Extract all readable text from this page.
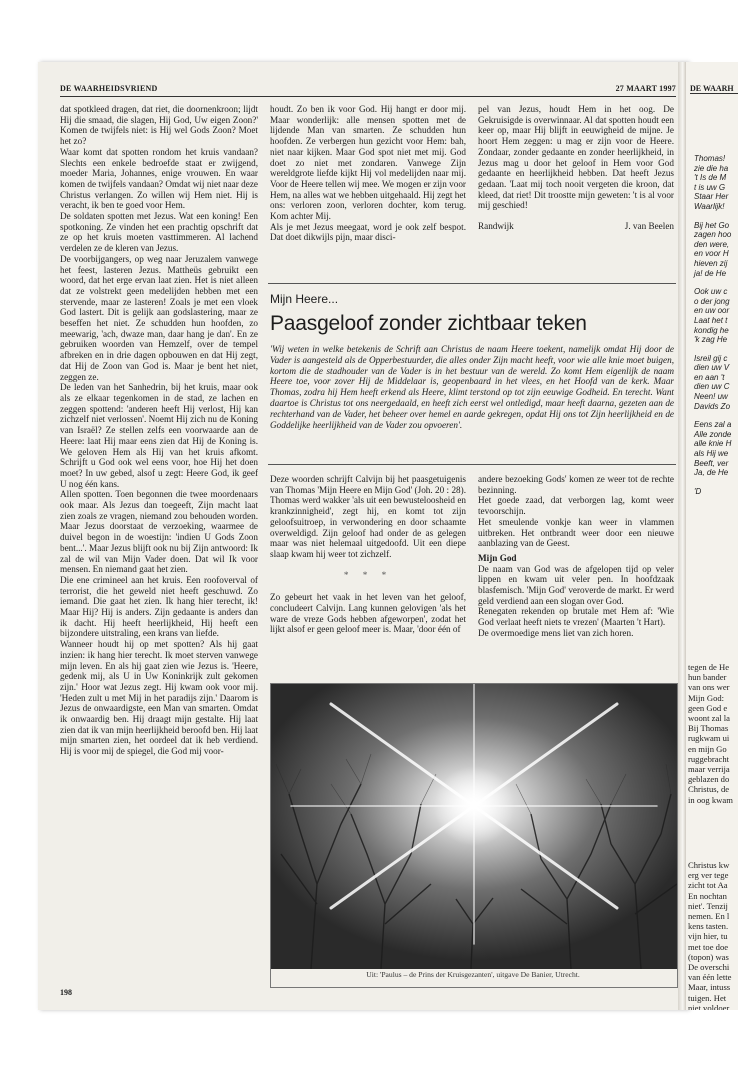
DE WAARH
Thomas!
zie die ha
't Is de M
t is uw G
Staar Her
Waarlijk!
Bij het Go
zagen hoo
den were,
en voor H
hieven zij
ja! de He
Ook uw c
o der jong
en uw oor
Laat het t
kondig he
'k zag He
Isreil gij c
dien uw V
en aan 't
dien uw C
Neen! uw
Davids Zo
Eens zal a
Alle zonde
alle knie H
als Hij we
Beeft, ver
Ja, de He
'D
tegen de He
hun bander
van ons wer
Mijn God:
geen God e
woont zal la
Bij Thomas
rugkwam ui
en mijn Go
ruggebracht
maar verrija
geblazen do
Christus, de
in oog kwam
Christus kw
erg ver tege
zicht tot Aa
En nochtan
niet'. Tenzij
nemen. En l
kens tasten.
vijn hier, tu
met toe doe
(topon) was
De overschi
van één lette
Maar, intuss
tuigen. Het
niet voldoer
DE WAARHEIDSVRIEND	27 MAART 1997

dat spotkleed dragen, dat riet, die doornenkroon; lijdt Hij die smaad, die slagen, Hij God, Uw eigen Zoon?' Komen de twijfels niet: is Hij wel Gods Zoon? Moet het zo?

Waar komt dat spotten rondom het kruis vandaan? Slechts een enkele bedroefde staat er zwijgend, moeder Maria, Johannes, enige vrouwen. En waar komen de twijfels vandaan? Omdat wij niet naar deze Christus verlangen. Zo willen wij Hem niet. Hij is veracht, ik ben te goed voor Hem.

De soldaten spotten met Jezus. Wat een koning! Een spotkoning. Ze vinden het een prachtig opschrift dat ze op het kruis moeten vasttimmeren. Al lachend verdelen ze de kleren van Jezus.

De voorbijgangers, op weg naar Jeruzalem vanwege het feest, lasteren Jezus. Mattheüs gebruikt een woord, dat het erge ervan laat zien. Het is niet alleen dat ze volstrekt geen medelijden hebben met een stervende, maar ze lasteren! Zoals je met een vloek God lastert. Dit is gelijk aan godslastering, maar ze beseffen het niet. Ze schudden hun hoofden, zo meewarig, 'ach, dwaze man, daar hang je dan'. En ze gebruiken woorden van Hemzelf, over de tempel afbreken en in drie dagen opbouwen en dat Hij zegt, dat Hij de Zoon van God is. Maar je bent het niet, zeggen ze.

De leden van het Sanhedrin, bij het kruis, maar ook als ze elkaar tegenkomen in de stad, ze lachen en zeggen spottend: 'anderen heeft Hij verlost, Hij kan zichzelf niet verlossen'. Noemt Hij zich nu de Koning van Israël? Ze stellen zelfs een voorwaarde aan de Heere: laat Hij maar eens zien dat Hij de Koning is. We geloven Hem als Hij van het kruis afkomt. Schrijft u God ook wel eens voor, hoe Hij het doen moet? In uw gebed, alsof u zegt: Heere God, ik geef U nog één kans.

Allen spotten. Toen begonnen die twee moordenaars ook maar. Als Jezus dan toegeeft, Zijn macht laat zien zoals ze vragen, niemand zou behouden worden. Maar Jezus doorstaat de verzoeking, waarmee de duivel begon in de woestijn: 'indien U Gods Zoon bent...'. Maar Jezus blijft ook nu bij Zijn antwoord: Ik zal de wil van Mijn Vader doen. Dat wil Ik voor mensen. En niemand gaat het zien.

Die ene crimineel aan het kruis. Een roofoverval of terrorist, die het geweld niet heeft geschuwd. Zo iemand. Die gaat het zien. Ik hang hier terecht, ik! Maar Hij? Hij is anders. Zijn gedaante is anders dan ik dacht. Hij heeft heerlijkheid, Hij heeft een bijzondere uitstraling, een krans van liefde.

Wanneer houdt hij op met spotten? Als hij gaat inzien: ik hang hier terecht. Ik moet sterven vanwege mijn leven. En als hij gaat zien wie Jezus is. 'Heere, gedenk mij, als U in Uw Koninkrijk zult gekomen zijn.' Hoor wat Jezus zegt. Hij kwam ook voor mij. 'Heden zult u met Mij in het paradijs zijn.' Daarom is Jezus de onwaardigste, een Man van smarten. Omdat ik onwaardig ben. Hij draagt mijn gestalte. Hij laat zien dat ik van mijn heerlijkheid beroofd ben. Hij laat mijn smarten zien, het oordeel dat ik heb verdiend. Hij is voor mij de spiegel, die God mij voor-

houdt. Zo ben ik voor God. Hij hangt er door mij. Maar wonderlijk: alle mensen spotten met de lijdende Man van smarten. Ze schudden hun hoofden. Ze verbergen hun gezicht voor Hem: bah, niet naar kijken. Maar God spot niet met mij. God doet zo niet met zondaren. Vanwege Zijn wereldgrote liefde kijkt Hij vol medelijden naar mij. Voor de Heere tellen wij mee. We mogen er zijn voor Hem, na alles wat we hebben uitgehaald. Hij zegt het ons: verloren zoon, verloren dochter, kom terug. Kom achter Mij.

Als je met Jezus meegaat, word je ook zelf bespot. Dat doet dikwijls pijn, maar disci-

pel van Jezus, houdt Hem in het oog. De Gekruisigde is overwinnaar. Al dat spotten houdt een keer op, maar Hij blijft in eeuwigheid de mijne. Je hoort Hem zeggen: u mag er zijn voor de Heere. Zondaar, zonder gedaante en zonder heerlijkheid, in Jezus mag u door het geloof in Hem voor God gedaante en heerlijkheid hebben. Dat heeft Jezus gedaan. 'Laat mij toch nooit vergeten die kroon, dat kleed, dat riet! Dit troostte mijn geweten: 't is al voor mij geschied!

Randwijk	J. van Beelen
Mijn Heere...
Paasgeloof zonder zichtbaar teken
'Wij weten in welke betekenis de Schrift aan Christus de naam Heere toekent, namelijk omdat Hij door de Vader is aangesteld als de Opperbestuurder, die alles onder Zijn macht heeft, voor wie alle knie moet buigen, kortom die de stadhouder van de Vader is in het bestuur van de wereld. Zo komt Hem eigenlijk de naam Heere toe, voor zover Hij de Middelaar is, geopenbaard in het vlees, en het Hoofd van de kerk. Maar Thomas, zodra hij Hem heeft erkend als Heere, klimt terstond op tot zijn eeuwige Godheid. En terecht. Want daartoe is Christus tot ons neergedaald, en heeft zich eerst wel ontledigd, maar heeft daarna, gezeten aan de rechterhand van de Vader, het beheer over hemel en aarde gekregen, opdat Hij ons tot Zijn heerlijkheid en de Goddelijke heerlijkheid van de Vader zou opvoeren'.

Deze woorden schrijft Calvijn bij het paasgetuigenis van Thomas 'Mijn Heere en Mijn God' (Joh. 20 : 28). Thomas werd wakker 'als uit een bewusteloosheid en krankzinnigheid', zegt hij, en komt tot zijn geloofsuitroep, in verwondering en door schaamte overweldigd. Zijn geloof had onder de as gelegen maar was niet helemaal uitgedoofd. Uit een diepe slaap kwam hij weer tot zichzelf.

* * *

Zo gebeurt het vaak in het leven van het geloof, concludeert Calvijn. Lang kunnen gelovigen 'als het ware de vreze Gods hebben afgeworpen', zodat het lijkt alsof er geen geloof meer is. Maar, 'door één of

andere bezoeking Gods' komen ze weer tot de rechte bezinning.

Het goede zaad, dat verborgen lag, komt weer tevoorschijn.

Het smeulende vonkje kan weer in vlammen uitbreken. Het ontbrandt weer door een nieuwe aanblazing van de Geest.

Mijn God

De naam van God was de afgelopen tijd op veler lippen en kwam uit veler pen. In hoofdzaak blasfemisch. 'Mijn God' veroverde de markt. Er werd geld verdiend aan een slogan over God.

Renegaten rekenden op brutale met Hem af: 'Wie God verlaat heeft niets te vrezen' (Maarten 't Hart).

De overmoedige mens liet van zich horen.

Uit: 'Paulus – de Prins der Kruisgezanten', uitgave De Banier, Utrecht.
198
